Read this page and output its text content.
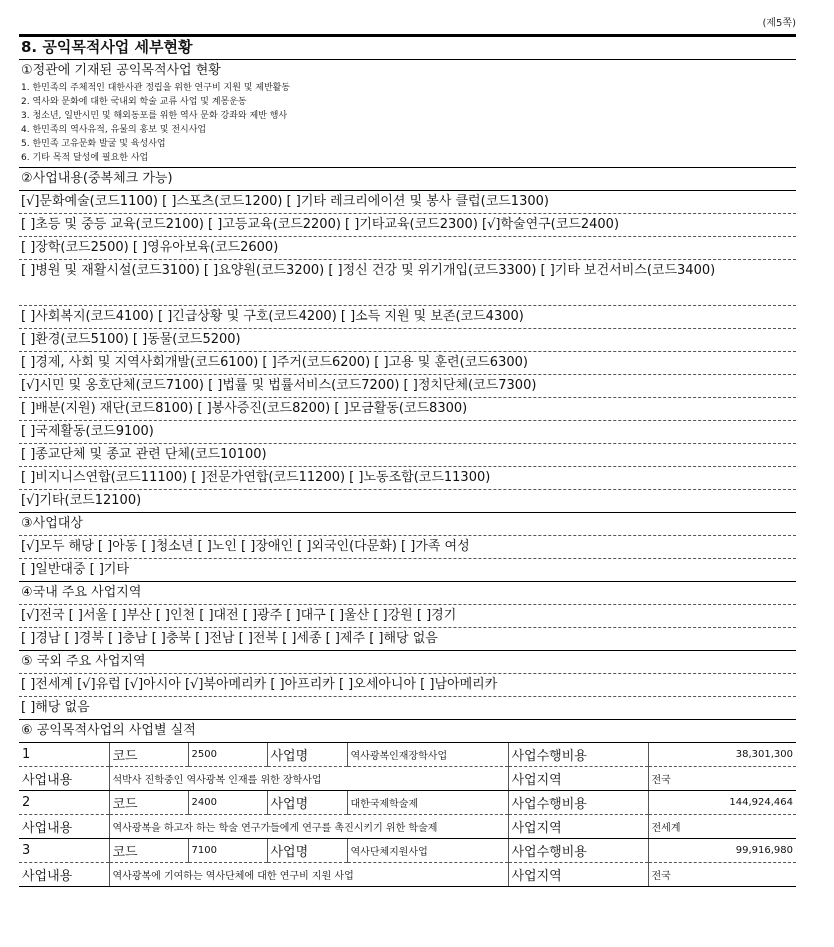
(제5쪽)
8. 공익목적사업 세부현황
①정관에 기재된 공익목적사업 현황
1. 한민족의 주체적인 대한사관 정립을 위한 연구비 지원 및 제반활동
2. 역사와 문화에 대한 국내외 학술 교류 사업 및 계몽운동
3. 청소년, 일반시민 및 해외동포를 위한 역사 문화 강좌와 제반 행사
4. 한민족의 역사유적, 유물의 홍보 및 전시사업
5. 한민족 고유문화 발굴 및 육성사업
6. 기타 목적 달성에 필요한 사업
②사업내용(중복체크 가능)
[√]문화예술(코드1100) [ ]스포츠(코드1200) [ ]기타 레크리에이션 및 봉사 클럽(코드1300)
[ ]초등 및 중등 교육(코드2100) [ ]고등교육(코드2200) [ ]기타교육(코드2300) [√]학술연구(코드2400)
[ ]장학(코드2500) [ ]영유아보육(코드2600)
[ ]병원 및 재활시설(코드3100) [ ]요양원(코드3200) [ ]정신 건강 및 위기개입(코드3300) [ ]기타 보건서비스(코드3400)
[ ]사회복지(코드4100) [ ]긴급상황 및 구호(코드4200) [ ]소득 지원 및 보존(코드4300)
[ ]환경(코드5100) [ ]동물(코드5200)
[ ]경제, 사회 및 지역사회개발(코드6100) [ ]주거(코드6200) [ ]고용 및 훈련(코드6300)
[√]시민 및 옹호단체(코드7100) [ ]법률 및 법률서비스(코드7200) [ ]정치단체(코드7300)
[ ]배분(지원) 재단(코드8100) [ ]봉사증진(코드8200) [ ]모금활동(코드8300)
[ ]국제활동(코드9100)
[ ]종교단체 및 종교 관련 단체(코드10100)
[ ]비지니스연합(코드11100) [ ]전문가연합(코드11200) [ ]노동조합(코드11300)
[√]기타(코드12100)
③사업대상
[√]모두 해당 [ ]아동 [ ]청소년 [ ]노인 [ ]장애인 [ ]외국인(다문화) [ ]가족 여성
[ ]일반대중 [ ]기타
④국내 주요 사업지역
[√]전국 [ ]서울 [ ]부산 [ ]인천 [ ]대전 [ ]광주 [ ]대구 [ ]울산 [ ]강원 [ ]경기
[ ]경남 [ ]경북 [ ]충남 [ ]충북 [ ]전남 [ ]전북 [ ]세종 [ ]제주 [ ]해당 없음
⑤ 국외 주요 사업지역
[ ]전세계 [√]유럽 [√]아시아 [√]북아메리카 [ ]아프리카 [ ]오세아니아 [ ]남아메리카
[ ]해당 없음
⑥ 공익목적사업의 사업별 실적
1	코드	2500	사업명	역사광복인재장학사업	사업수행비용	38,301,300
사업내용	석박사 진학중인 역사광복 인재를 위한 장학사업				사업지역	전국
2	코드	2400	사업명	대한국제학술제	사업수행비용	144,924,464
사업내용	역사광복을 하고자 하는 학술 연구가들에게 연구를 촉진시키기 위한 학술제				사업지역	전세계
3	코드	7100	사업명	역사단체지원사업	사업수행비용	99,916,980
사업내용	역사광복에 기여하는 역사단체에 대한 연구비 지원 사업				사업지역	전국
